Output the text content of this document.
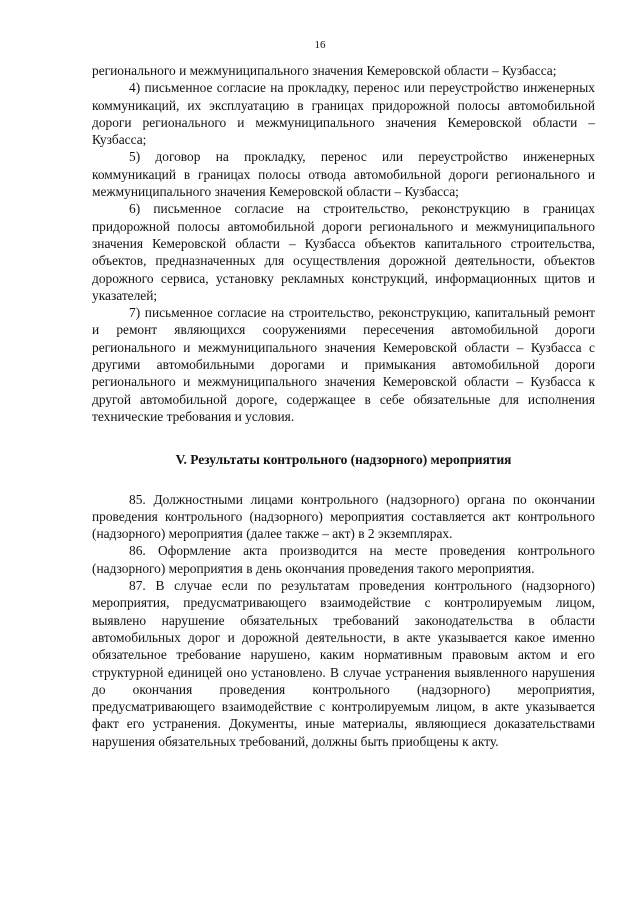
16

регионального и межмуниципального значения Кемеровской области – Кузбасса;

4) письменное согласие на прокладку, перенос или переустройство инженерных коммуникаций, их эксплуатацию в границах придорожной полосы автомобильной дороги регионального и межмуниципального значения Кемеровской области – Кузбасса;

5) договор на прокладку, перенос или переустройство инженерных коммуникаций в границах полосы отвода автомобильной дороги регионального и межмуниципального значения Кемеровской области – Кузбасса;

6) письменное согласие на строительство, реконструкцию в границах придорожной полосы автомобильной дороги регионального и межмуниципального значения Кемеровской области – Кузбасса объектов капитального строительства, объектов, предназначенных для осуществления дорожной деятельности, объектов дорожного сервиса, установку рекламных конструкций, информационных щитов и указателей;

7) письменное согласие на строительство, реконструкцию, капитальный ремонт и ремонт являющихся сооружениями пересечения автомобильной дороги регионального и межмуниципального значения Кемеровской области – Кузбасса с другими автомобильными дорогами и примыкания автомобильной дороги регионального и межмуниципального значения Кемеровской области – Кузбасса к другой автомобильной дороге, содержащее в себе обязательные для исполнения технические требования и условия.

V. Результаты контрольного (надзорного) мероприятия

85. Должностными лицами контрольного (надзорного) органа по окончании проведения контрольного (надзорного) мероприятия составляется акт контрольного (надзорного) мероприятия (далее также – акт) в 2 экземплярах.

86. Оформление акта производится на месте проведения контрольного (надзорного) мероприятия в день окончания проведения такого мероприятия.

87. В случае если по результатам проведения контрольного (надзорного) мероприятия, предусматривающего взаимодействие с контролируемым лицом, выявлено нарушение обязательных требований законодательства в области автомобильных дорог и дорожной деятельности, в акте указывается какое именно обязательное требование нарушено, каким нормативным правовым актом и его структурной единицей оно установлено. В случае устранения выявленного нарушения до окончания проведения контрольного (надзорного) мероприятия, предусматривающего взаимодействие с контролируемым лицом, в акте указывается факт его устранения. Документы, иные материалы, являющиеся доказательствами нарушения обязательных требований, должны быть приобщены к акту.
